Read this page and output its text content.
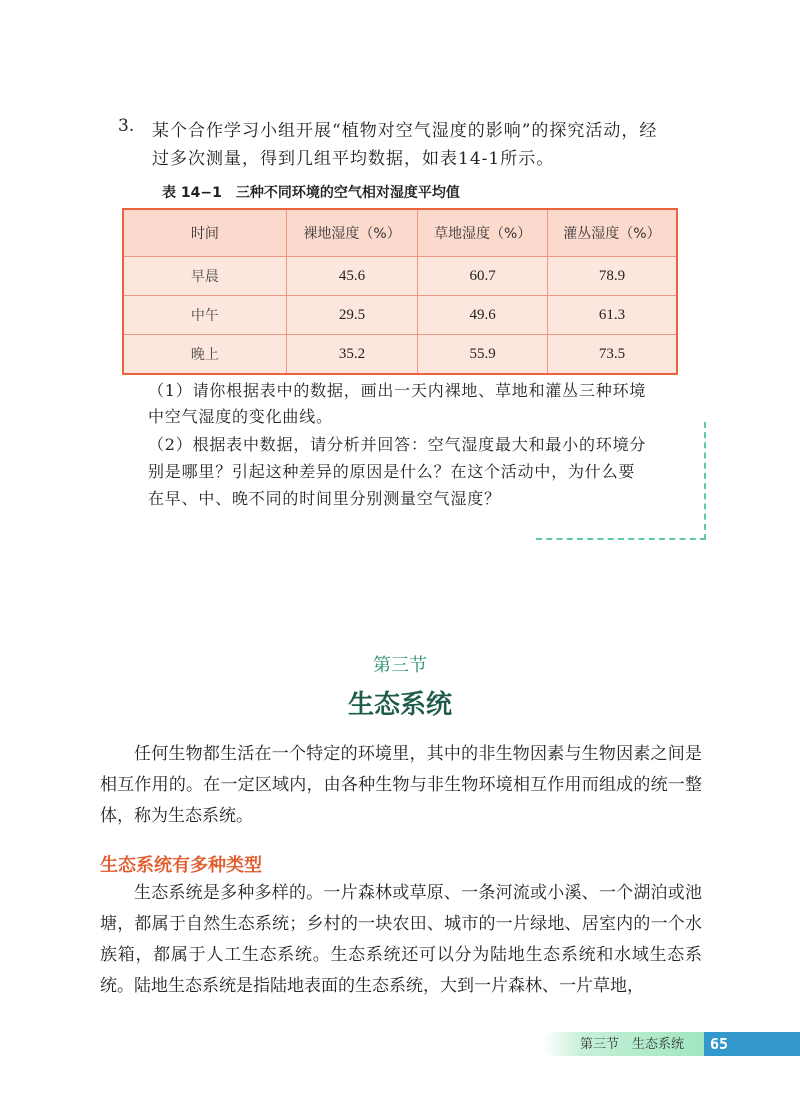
3. 某个合作学习小组开展“植物对空气湿度的影响”的探究活动，经
过多次测量，得到几组平均数据，如表14-1所示。
表 14−1　三种不同环境的空气相对湿度平均值
时间	裸地湿度（%）	草地湿度（%）	灌丛湿度（%）
早晨	45.6	60.7	78.9
中午	29.5	49.6	61.3
晚上	35.2	55.9	73.5
（1）请你根据表中的数据，画出一天内裸地、草地和灌丛三种环境
中空气湿度的变化曲线。
（2）根据表中数据，请分析并回答：空气湿度最大和最小的环境分
别是哪里？引起这种差异的原因是什么？在这个活动中，为什么要
在早、中、晚不同的时间里分别测量空气湿度？
第三节
生态系统
任何生物都生活在一个特定的环境里，其中的非生物因素与生物因素之间是相互作用的。在一定区域内，由各种生物与非生物环境相互作用而组成的统一整体，称为生态系统。
生态系统有多种类型
生态系统是多种多样的。一片森林或草原、一条河流或小溪、一个湖泊或池塘，都属于自然生态系统；乡村的一块农田、城市的一片绿地、居室内的一个水族箱，都属于人工生态系统。生态系统还可以分为陆地生态系统和水域生态系统。陆地生态系统是指陆地表面的生态系统，大到一片森林、一片草地，
第三节　生态系统	65
